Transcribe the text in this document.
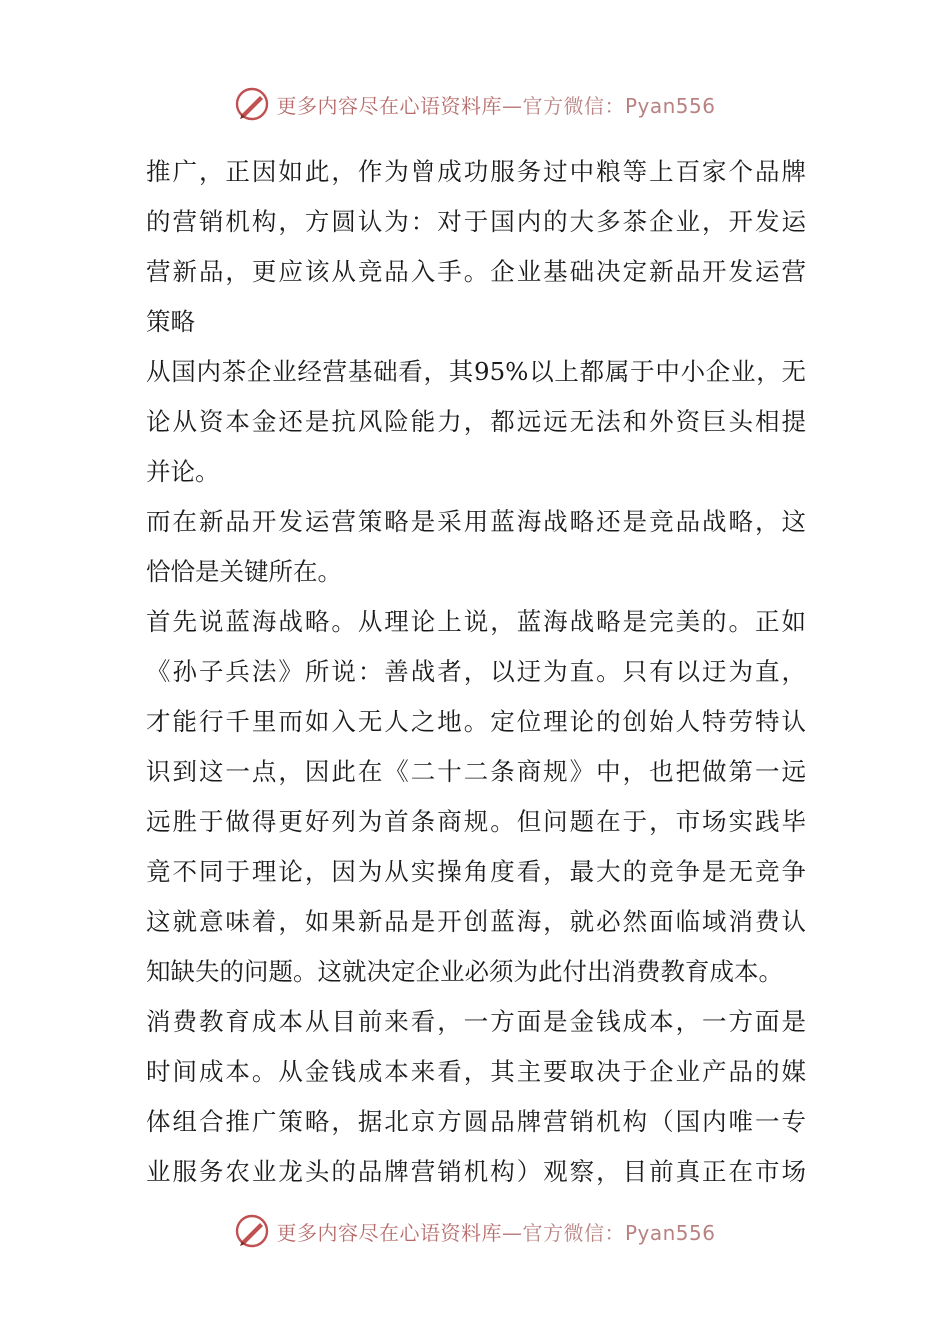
更多内容尽在心语资料库—官方微信：Pyan556
推广，正因如此，作为曾成功服务过中粮等上百家个品牌
的营销机构，方圆认为：对于国内的大多茶企业，开发运
营新品，更应该从竞品入手。企业基础决定新品开发运营
策略
从国内茶企业经营基础看，其95%以上都属于中小企业，无
论从资本金还是抗风险能力，都远远无法和外资巨头相提
并论。
而在新品开发运营策略是采用蓝海战略还是竞品战略，这
恰恰是关键所在。
首先说蓝海战略。从理论上说，蓝海战略是完美的。正如
《孙子兵法》所说：善战者，以迂为直。只有以迂为直，
才能行千里而如入无人之地。定位理论的创始人特劳特认
识到这一点，因此在《二十二条商规》中，也把做第一远
远胜于做得更好列为首条商规。但问题在于，市场实践毕
竟不同于理论，因为从实操角度看，最大的竞争是无竞争
这就意味着，如果新品是开创蓝海，就必然面临域消费认
知缺失的问题。这就决定企业必须为此付出消费教育成本。
消费教育成本从目前来看，一方面是金钱成本，一方面是
时间成本。从金钱成本来看，其主要取决于企业产品的媒
体组合推广策略，据北京方圆品牌营销机构（国内唯一专
业服务农业龙头的品牌营销机构）观察，目前真正在市场
更多内容尽在心语资料库—官方微信：Pyan556
